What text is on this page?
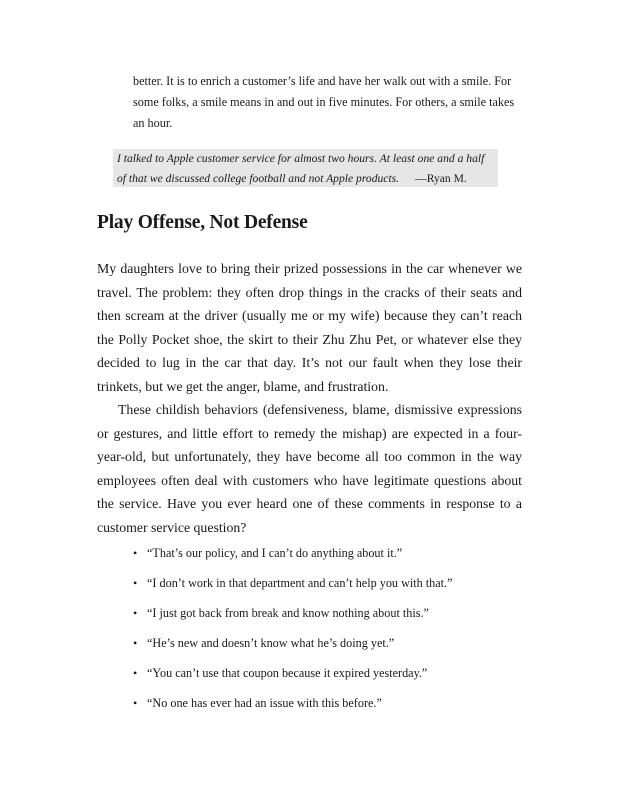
better. It is to enrich a customer’s life and have her walk out with a smile. For some folks, a smile means in and out in five minutes. For others, a smile takes an hour.
I talked to Apple customer service for almost two hours. At least one and a half of that we discussed college football and not Apple products. —Ryan M.
Play Offense, Not Defense

My daughters love to bring their prized possessions in the car whenever we travel. The problem: they often drop things in the cracks of their seats and then scream at the driver (usually me or my wife) because they can’t reach the Polly Pocket shoe, the skirt to their Zhu Zhu Pet, or whatever else they decided to lug in the car that day. It’s not our fault when they lose their trinkets, but we get the anger, blame, and frustration.

These childish behaviors (defensiveness, blame, dismissive expressions or gestures, and little effort to remedy the mishap) are expected in a four-year-old, but unfortunately, they have become all too common in the way employees often deal with customers who have legitimate questions about the service. Have you ever heard one of these comments in response to a customer service question?

• “That’s our policy, and I can’t do anything about it.”
• “I don’t work in that department and can’t help you with that.”
• “I just got back from break and know nothing about this.”
• “He’s new and doesn’t know what he’s doing yet.”
• “You can’t use that coupon because it expired yesterday.”
• “No one has ever had an issue with this before.”
